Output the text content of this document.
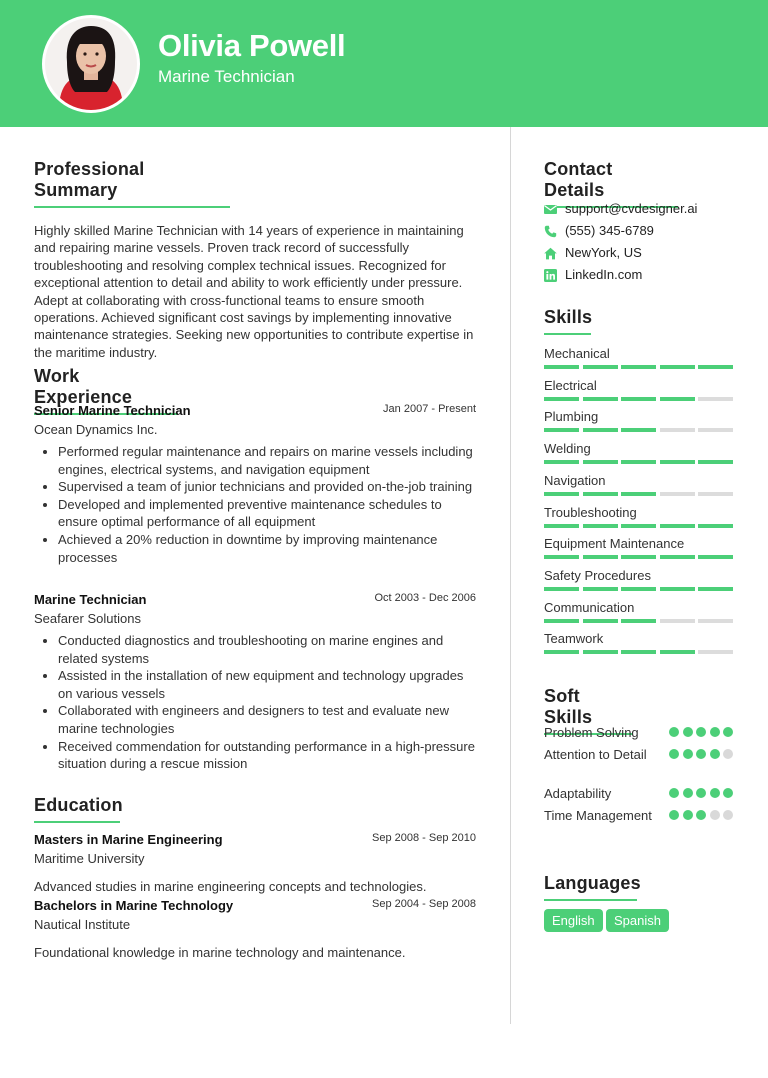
Olivia Powell
Marine Technician
Professional Summary
Highly skilled Marine Technician with 14 years of experience in maintaining and repairing marine vessels. Proven track record of successfully troubleshooting and resolving complex technical issues. Recognized for exceptional attention to detail and ability to work efficiently under pressure. Adept at collaborating with cross-functional teams to ensure smooth operations. Achieved significant cost savings by implementing innovative maintenance strategies. Seeking new opportunities to contribute expertise in the maritime industry.
Work Experience
Senior Marine Technician	Jan 2007 - Present
Ocean Dynamics Inc.
• Performed regular maintenance and repairs on marine vessels including engines, electrical systems, and navigation equipment
• Supervised a team of junior technicians and provided on-the-job training
• Developed and implemented preventive maintenance schedules to ensure optimal performance of all equipment
• Achieved a 20% reduction in downtime by improving maintenance processes
Marine Technician	Oct 2003 - Dec 2006
Seafarer Solutions
• Conducted diagnostics and troubleshooting on marine engines and related systems
• Assisted in the installation of new equipment and technology upgrades on various vessels
• Collaborated with engineers and designers to test and evaluate new marine technologies
• Received commendation for outstanding performance in a high-pressure situation during a rescue mission
Education
Masters in Marine Engineering	Sep 2008 - Sep 2010
Maritime University
Advanced studies in marine engineering concepts and technologies.
Bachelors in Marine Technology	Sep 2004 - Sep 2008
Nautical Institute
Foundational knowledge in marine technology and maintenance.
Contact Details
support@cvdesigner.ai
(555) 345-6789
NewYork, US
LinkedIn.com
Skills
Mechanical
Electrical
Plumbing
Welding
Navigation
Troubleshooting
Equipment Maintenance
Safety Procedures
Communication
Teamwork
Soft Skills
Problem Solving
Attention to Detail
Adaptability
Time Management
Languages
English	Spanish
